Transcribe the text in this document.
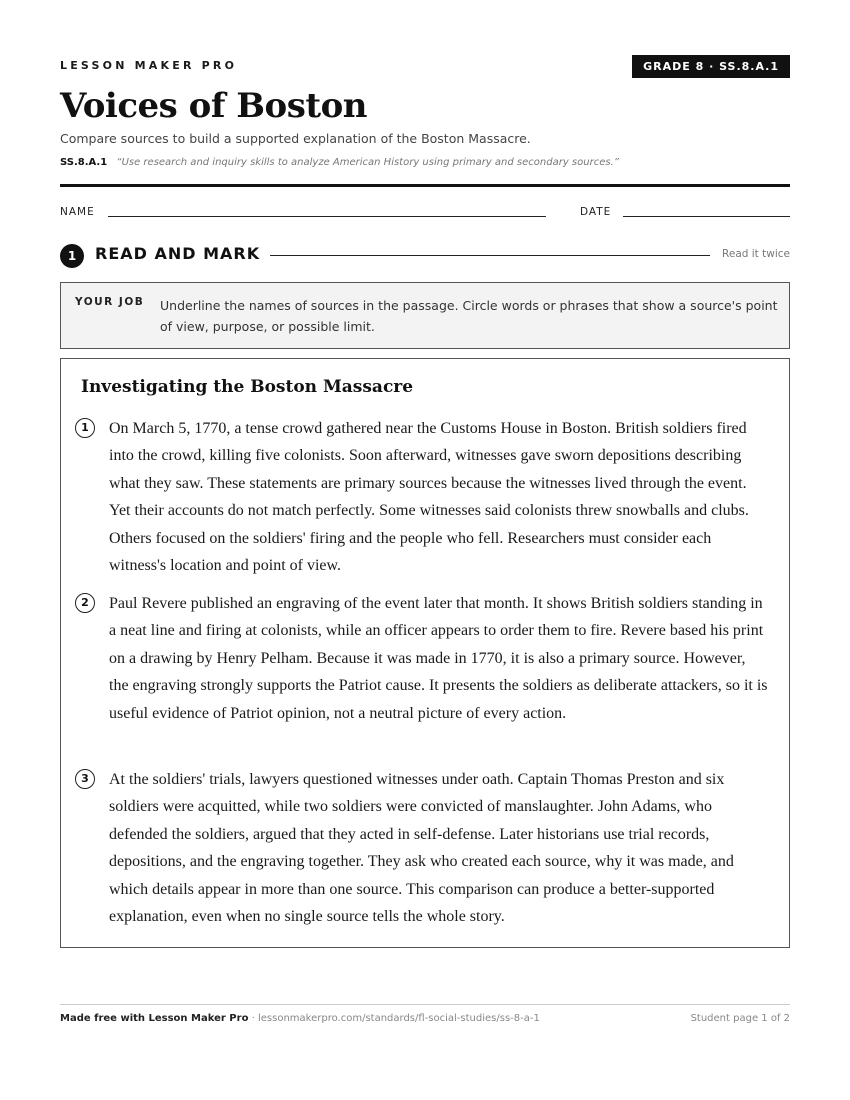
LESSON MAKER PRO	GRADE 8 · SS.8.A.1
Voices of Boston

Compare sources to build a supported explanation of the Boston Massacre.

SS.8.A.1 “Use research and inquiry skills to analyze American History using primary and secondary sources.”

NAME	DATE
1	READ AND MARK	Read it twice
YOUR JOB Underline the names of sources in the passage. Circle words or phrases that show a source's point of view, purpose, or possible limit.

Investigating the Boston Massacre
1	On March 5, 1770, a tense crowd gathered near the Customs House in Boston. British soldiers fired into the crowd, killing five colonists. Soon afterward, witnesses gave sworn depositions describing what they saw. These statements are primary sources because the witnesses lived through the event. Yet their accounts do not match perfectly. Some witnesses said colonists threw snowballs and clubs. Others focused on the soldiers' firing and the people who fell. Researchers must consider each witness's location and point of view.

2	Paul Revere published an engraving of the event later that month. It shows British soldiers standing in a neat line and firing at colonists, while an officer appears to order them to fire. Revere based his print on a drawing by Henry Pelham. Because it was made in 1770, it is also a primary source. However, the engraving strongly supports the Patriot cause. It presents the soldiers as deliberate attackers, so it is useful evidence of Patriot opinion, not a neutral picture of every action.

3	At the soldiers' trials, lawyers questioned witnesses under oath. Captain Thomas Preston and six soldiers were acquitted, while two soldiers were convicted of manslaughter. John Adams, who defended the soldiers, argued that they acted in self-defense. Later historians use trial records, depositions, and the engraving together. They ask who created each source, why it was made, and which details appear in more than one source. This comparison can produce a better-supported explanation, even when no single source tells the whole story.

Made free with Lesson Maker Pro · lessonmakerpro.com/standards/fl-social-studies/ss-8-a-1	Student page 1 of 2
